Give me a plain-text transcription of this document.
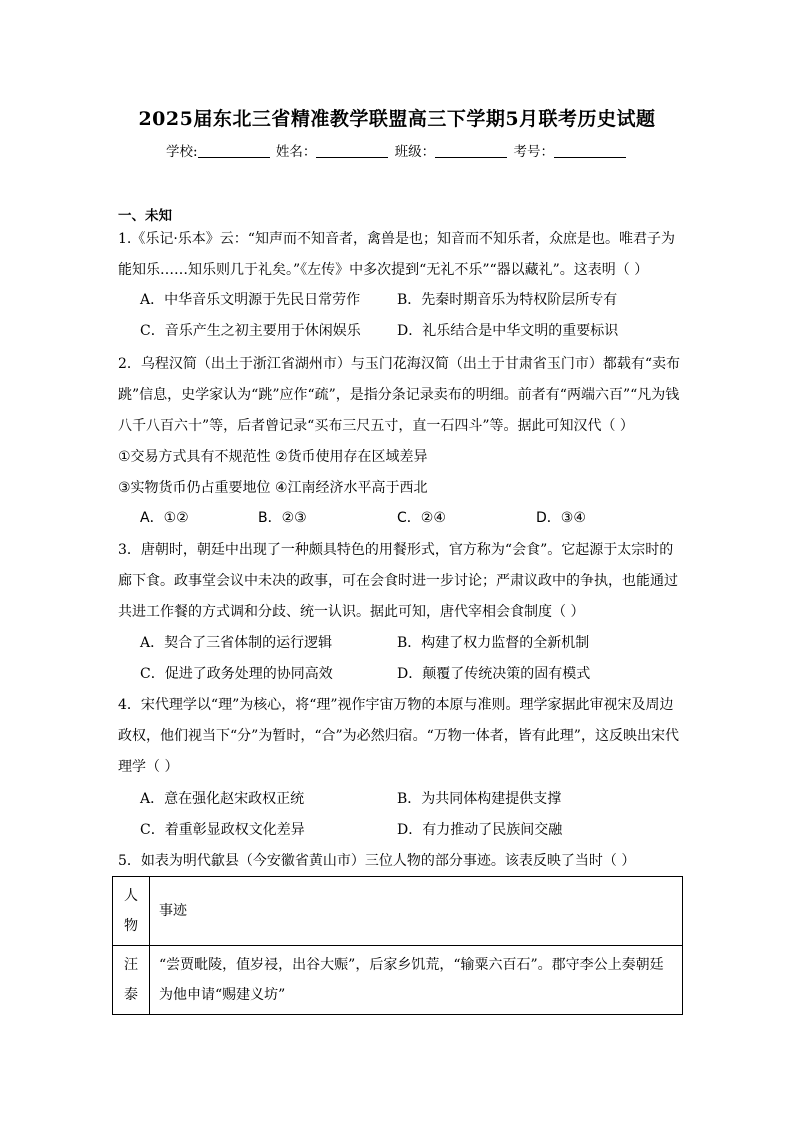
2025届东北三省精准教学联盟高三下学期5月联考历史试题
学校:	姓名：	班级：	考号：
一、未知
1.《乐记·乐本》云：“知声而不知音者，禽兽是也；知音而不知乐者，众庶是也。唯君子为
能知乐……知乐则几于礼矣。”《左传》中多次提到“无礼不乐”“器以藏礼”。这表明（ ）
A．中华音乐文明源于先民日常劳作	B．先秦时期音乐为特权阶层所专有
C．音乐产生之初主要用于休闲娱乐	D．礼乐结合是中华文明的重要标识
2．乌程汉简（出土于浙江省湖州市）与玉门花海汉简（出土于甘肃省玉门市）都载有“卖布
跳”信息，史学家认为“跳”应作“疏”，是指分条记录卖布的明细。前者有“两端六百”“凡为钱
八千八百六十”等，后者曾记录“买布三尺五寸，直一石四斗”等。据此可知汉代（ ）
①交易方式具有不规范性 ②货币使用存在区域差异
③实物货币仍占重要地位 ④江南经济水平高于西北
A．①②	B．②③	C．②④	D．③④
3．唐朝时，朝廷中出现了一种颇具特色的用餐形式，官方称为“会食”。它起源于太宗时的
廊下食。政事堂会议中未决的政事，可在会食时进一步讨论；严肃议政中的争执，也能通过
共进工作餐的方式调和分歧、统一认识。据此可知，唐代宰相会食制度（ ）
A．契合了三省体制的运行逻辑	B．构建了权力监督的全新机制
C．促进了政务处理的协同高效	D．颠覆了传统决策的固有模式
4．宋代理学以“理”为核心，将“理”视作宇宙万物的本原与准则。理学家据此审视宋及周边
政权，他们视当下“分”为暂时，“合”为必然归宿。“万物一体者，皆有此理”，这反映出宋代
理学（ ）
A．意在强化赵宋政权正统	B．为共同体构建提供支撑
C．着重彰显政权文化差异	D．有力推动了民族间交融
5．如表为明代歙县（今安徽省黄山市）三位人物的部分事迹。该表反映了当时（ ）
人物	事迹
汪泰	“尝贾毗陵，值岁祲，出谷大赈”，后家乡饥荒，“输粟六百石”。郡守李公上奏朝廷为他申请“赐建义坊”
